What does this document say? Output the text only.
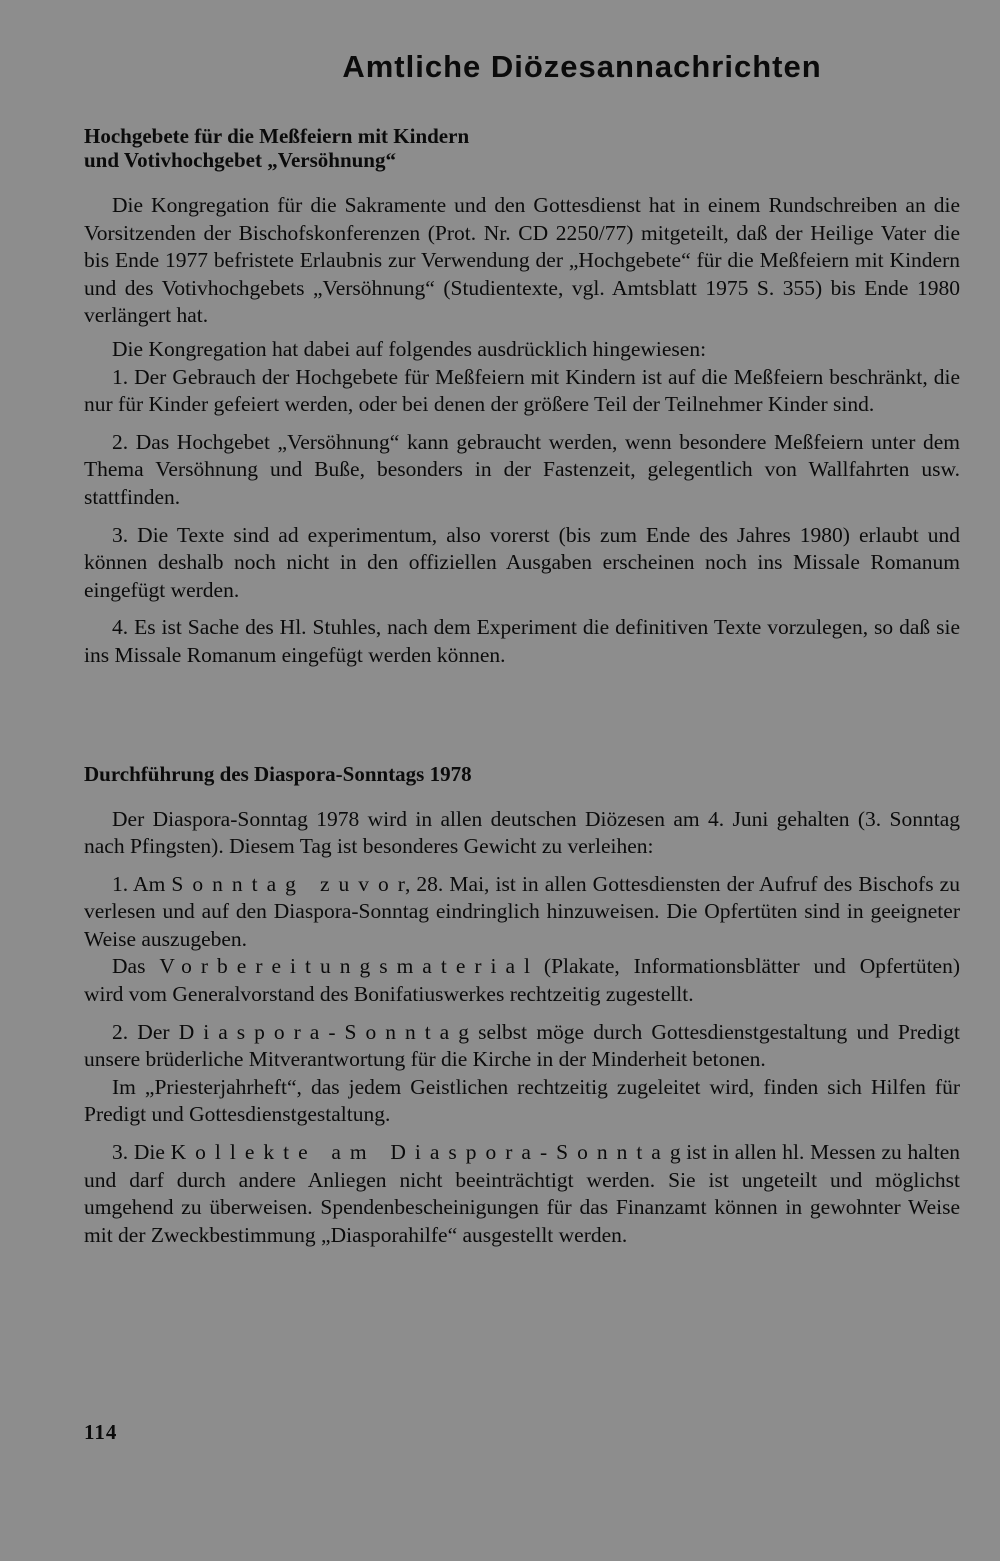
Amtliche Diözesannachrichten
Hochgebete für die Meßfeiern mit Kindern
und Votivhochgebet „Versöhnung“

Die Kongregation für die Sakramente und den Gottesdienst hat in einem Rundschreiben an die Vorsitzenden der Bischofskonferenzen (Prot. Nr. CD 2250/77) mitgeteilt, daß der Heilige Vater die bis Ende 1977 befristete Erlaubnis zur Verwendung der „Hochgebete“ für die Meßfeiern mit Kindern und des Votivhochgebets „Versöhnung“ (Studientexte, vgl. Amtsblatt 1975 S. 355) bis Ende 1980 verlängert hat.

Die Kongregation hat dabei auf folgendes ausdrücklich hingewiesen:

1. Der Gebrauch der Hochgebete für Meßfeiern mit Kindern ist auf die Meßfeiern beschränkt, die nur für Kinder gefeiert werden, oder bei denen der größere Teil der Teilnehmer Kinder sind.

2. Das Hochgebet „Versöhnung“ kann gebraucht werden, wenn besondere Meßfeiern unter dem Thema Versöhnung und Buße, besonders in der Fastenzeit, gelegentlich von Wallfahrten usw. stattfinden.

3. Die Texte sind ad experimentum, also vorerst (bis zum Ende des Jahres 1980) erlaubt und können deshalb noch nicht in den offiziellen Ausgaben erscheinen noch ins Missale Romanum eingefügt werden.

4. Es ist Sache des Hl. Stuhles, nach dem Experiment die definitiven Texte vorzulegen, so daß sie ins Missale Romanum eingefügt werden können.

Durchführung des Diaspora-Sonntags 1978

Der Diaspora-Sonntag 1978 wird in allen deutschen Diözesen am 4. Juni gehalten (3. Sonntag nach Pfingsten). Diesem Tag ist besonderes Gewicht zu verleihen:

1. Am Sonntag zuvor, 28. Mai, ist in allen Gottesdiensten der Aufruf des Bischofs zu verlesen und auf den Diaspora-Sonntag eindringlich hinzuweisen. Die Opfertüten sind in geeigneter Weise auszugeben.

Das Vorbereitungsmaterial (Plakate, Informationsblätter und Opfertüten) wird vom Generalvorstand des Bonifatiuswerkes rechtzeitig zugestellt.

2. Der Diaspora-Sonntag selbst möge durch Gottesdienstgestaltung und Predigt unsere brüderliche Mitverantwortung für die Kirche in der Minderheit betonen.

Im „Priesterjahrheft“, das jedem Geistlichen rechtzeitig zugeleitet wird, finden sich Hilfen für Predigt und Gottesdienstgestaltung.

3. Die Kollekte am Diaspora-Sonntag ist in allen hl. Messen zu halten und darf durch andere Anliegen nicht beeinträchtigt werden. Sie ist ungeteilt und möglichst umgehend zu überweisen. Spendenbescheinigungen für das Finanzamt können in gewohnter Weise mit der Zweckbestimmung „Diasporahilfe“ ausgestellt werden.

114
